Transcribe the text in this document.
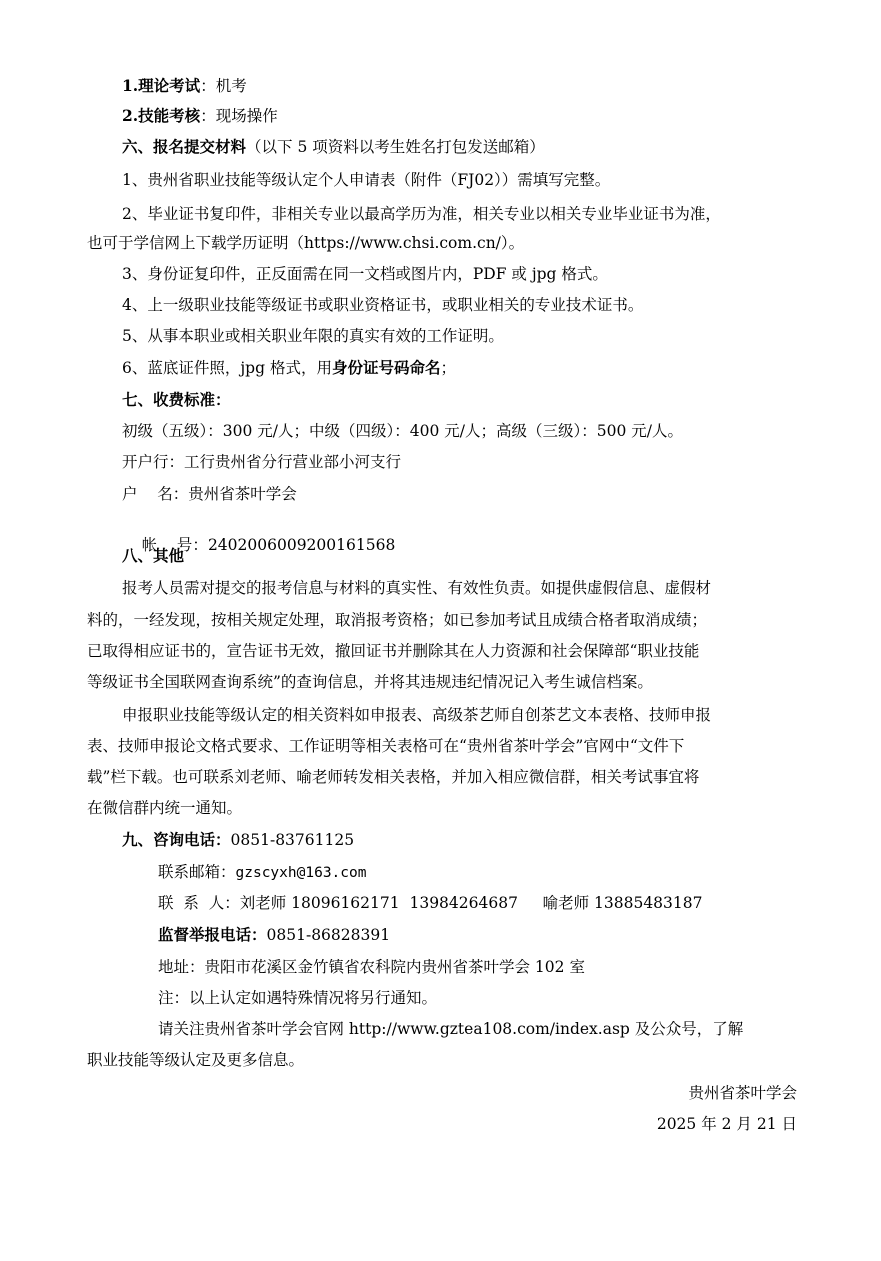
1.理论考试：机考
2.技能考核：现场操作
六、报名提交材料（以下 5 项资料以考生姓名打包发送邮箱）
1、贵州省职业技能等级认定个人申请表（附件（FJ02））需填写完整。
2、毕业证书复印件，非相关专业以最高学历为准，相关专业以相关专业毕业证书为准，
也可于学信网上下载学历证明（https://www.chsi.com.cn/）。
3、身份证复印件，正反面需在同一文档或图片内，PDF 或 jpg 格式。
4、上一级职业技能等级证书或职业资格证书，或职业相关的专业技术证书。
5、从事本职业或相关职业年限的真实有效的工作证明。
6、蓝底证件照，jpg 格式，用身份证号码命名；
七、收费标准：
初级（五级）：300 元/人；中级（四级）：400 元/人；高级（三级）：500 元/人。
开户行：工行贵州省分行营业部小河支行
户    名：贵州省茶叶学会

帐    号：2402006009200161568

八、其他
报考人员需对提交的报考信息与材料的真实性、有效性负责。如提供虚假信息、虚假材
料的，一经发现，按相关规定处理，取消报考资格；如已参加考试且成绩合格者取消成绩；
已取得相应证书的，宣告证书无效，撤回证书并删除其在人力资源和社会保障部“职业技能
等级证书全国联网查询系统”的查询信息，并将其违规违纪情况记入考生诚信档案。
申报职业技能等级认定的相关资料如申报表、高级茶艺师自创茶艺文本表格、技师申报
表、技师申报论文格式要求、工作证明等相关表格可在“贵州省茶叶学会”官网中“文件下
载”栏下载。也可联系刘老师、喻老师转发相关表格，并加入相应微信群，相关考试事宜将
在微信群内统一通知。
九、咨询电话：0851-83761125
联系邮箱：gzscyxh@163.com
联  系  人：刘老师 18096162171  13984264687     喻老师 13885483187
监督举报电话：0851-86828391
地址：贵阳市花溪区金竹镇省农科院内贵州省茶叶学会 102 室
注：以上认定如遇特殊情况将另行通知。
请关注贵州省茶叶学会官网 http://www.gztea108.com/index.asp 及公众号，了解
职业技能等级认定及更多信息。
贵州省茶叶学会
2025 年 2 月 21 日
